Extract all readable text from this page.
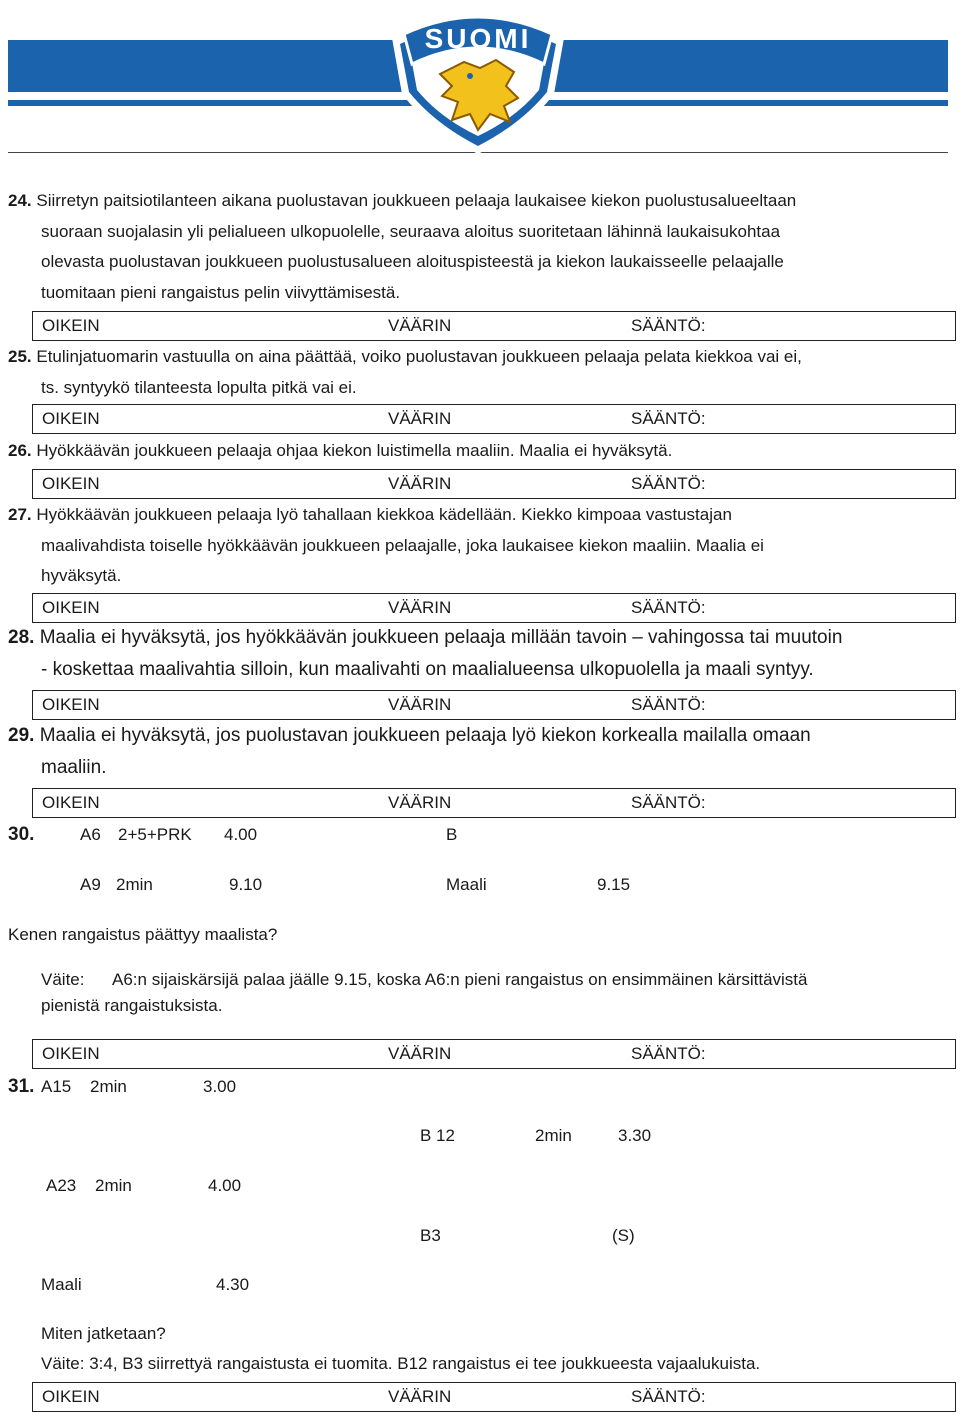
SUOMI
24. Siirretyn paitsiotilanteen aikana puolustavan joukkueen pelaaja laukaisee kiekon puolustusalueeltaan
suoraan suojalasin yli pelialueen ulkopuolelle, seuraava aloitus suoritetaan lähinnä laukaisukohtaa
olevasta puolustavan joukkueen puolustusalueen aloituspisteestä ja kiekon laukaisseelle pelaajalle
tuomitaan pieni rangaistus pelin viivyttämisestä.
OIKEIN	VÄÄRIN	SÄÄNTÖ:
25. Etulinjatuomarin vastuulla on aina päättää, voiko puolustavan joukkueen pelaaja pelata kiekkoa vai ei,
ts. syntyykö tilanteesta lopulta pitkä vai ei.
OIKEIN	VÄÄRIN	SÄÄNTÖ:
26. Hyökkäävän joukkueen pelaaja ohjaa kiekon luistimella maaliin. Maalia ei hyväksytä.
OIKEIN	VÄÄRIN	SÄÄNTÖ:
27. Hyökkäävän joukkueen pelaaja lyö tahallaan kiekkoa kädellään. Kiekko kimpoaa vastustajan
maalivahdista toiselle hyökkäävän joukkueen pelaajalle, joka laukaisee kiekon maaliin. Maalia ei
hyväksytä.
OIKEIN	VÄÄRIN	SÄÄNTÖ:
28. Maalia ei hyväksytä, jos hyökkäävän joukkueen pelaaja millään tavoin – vahingossa tai muutoin
- koskettaa maalivahtia silloin, kun maalivahti on maalialueensa ulkopuolella ja maali syntyy.
OIKEIN	VÄÄRIN	SÄÄNTÖ:
29. Maalia ei hyväksytä, jos puolustavan joukkueen pelaaja lyö kiekon korkealla mailalla omaan
maaliin.
OIKEIN	VÄÄRIN	SÄÄNTÖ:
30.	A6 2+5+PRK 4.00	B
A9 2min	9.10	Maali	9.15
Kenen rangaistus päättyy maalista?
Väite: A6:n sijaiskärsijä palaa jäälle 9.15, koska A6:n pieni rangaistus on ensimmäinen kärsittävistä
pienistä rangaistuksista.
OIKEIN	VÄÄRIN	SÄÄNTÖ:
31. A15 2min	3.00
B 12	2min	3.30
A23 2min	4.00
B3	(S)
Maali	4.30
Miten jatketaan?
Väite: 3:4, B3 siirrettyä rangaistusta ei tuomita. B12 rangaistus ei tee joukkueesta vajaalukuista.
OIKEIN	VÄÄRIN	SÄÄNTÖ:
